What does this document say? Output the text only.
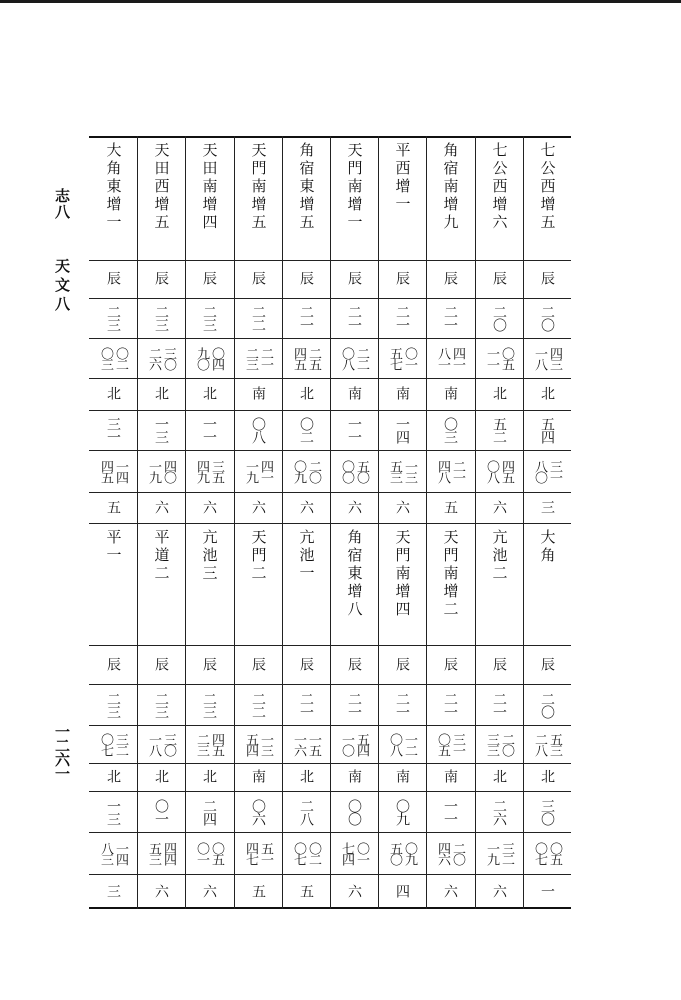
志八
天文八
一二六一
大角東增一
辰
二三
〇二
〇三
北
三一
一四
四五
五
平一
辰
二三
三二
〇七
北
一三
一四
八三
三
天田西增五
辰
二三
三〇
二六
北
一三
四〇
一九
六
平道二
辰
二三
三〇
一八
北
〇一
四四
五三
六
天田南增四
辰
二三
〇四
九〇
北
一一
三五
四九
六
亢池三
辰
二三
四五
二三
北
二四
〇五
〇一
六
天門南增五
辰
二二
二一
二三
南
〇八
四一
一九
六
天門二
辰
二二
一三
五四
南
〇六
五一
四七
五
角宿東增五
辰
二一
二五
四五
北
〇二
二〇
〇九
六
亢池一
辰
二一
一五
一六
北
二八
〇二
〇七
五
天門南增一
辰
二一
二二
〇八
南
一一
五〇
〇〇
六
角宿東增八
辰
二一
五四
一〇
南
〇〇
〇一
七四
六
平西增一
辰
二一
〇一
五七
南
一四
一三
五三
六
天門南增四
辰
二一
一二
〇八
南
〇九
〇九
五〇
四
角宿南增九
辰
二一
四一
八一
南
〇三
二一
四八
五
天門南增二
辰
二一
三一
〇五
南
一一
二〇
四六
六
七公西增六
辰
二〇
〇五
一一
北
五二
四五
〇八
六
亢池二
辰
二一
二〇
三三
北
二六
三二
一九
六
七公西增五
辰
二〇
四三
一八
北
五四
三一
八〇
三
大角
辰
二〇
五三
二八
北
三〇
〇五
〇七
一
